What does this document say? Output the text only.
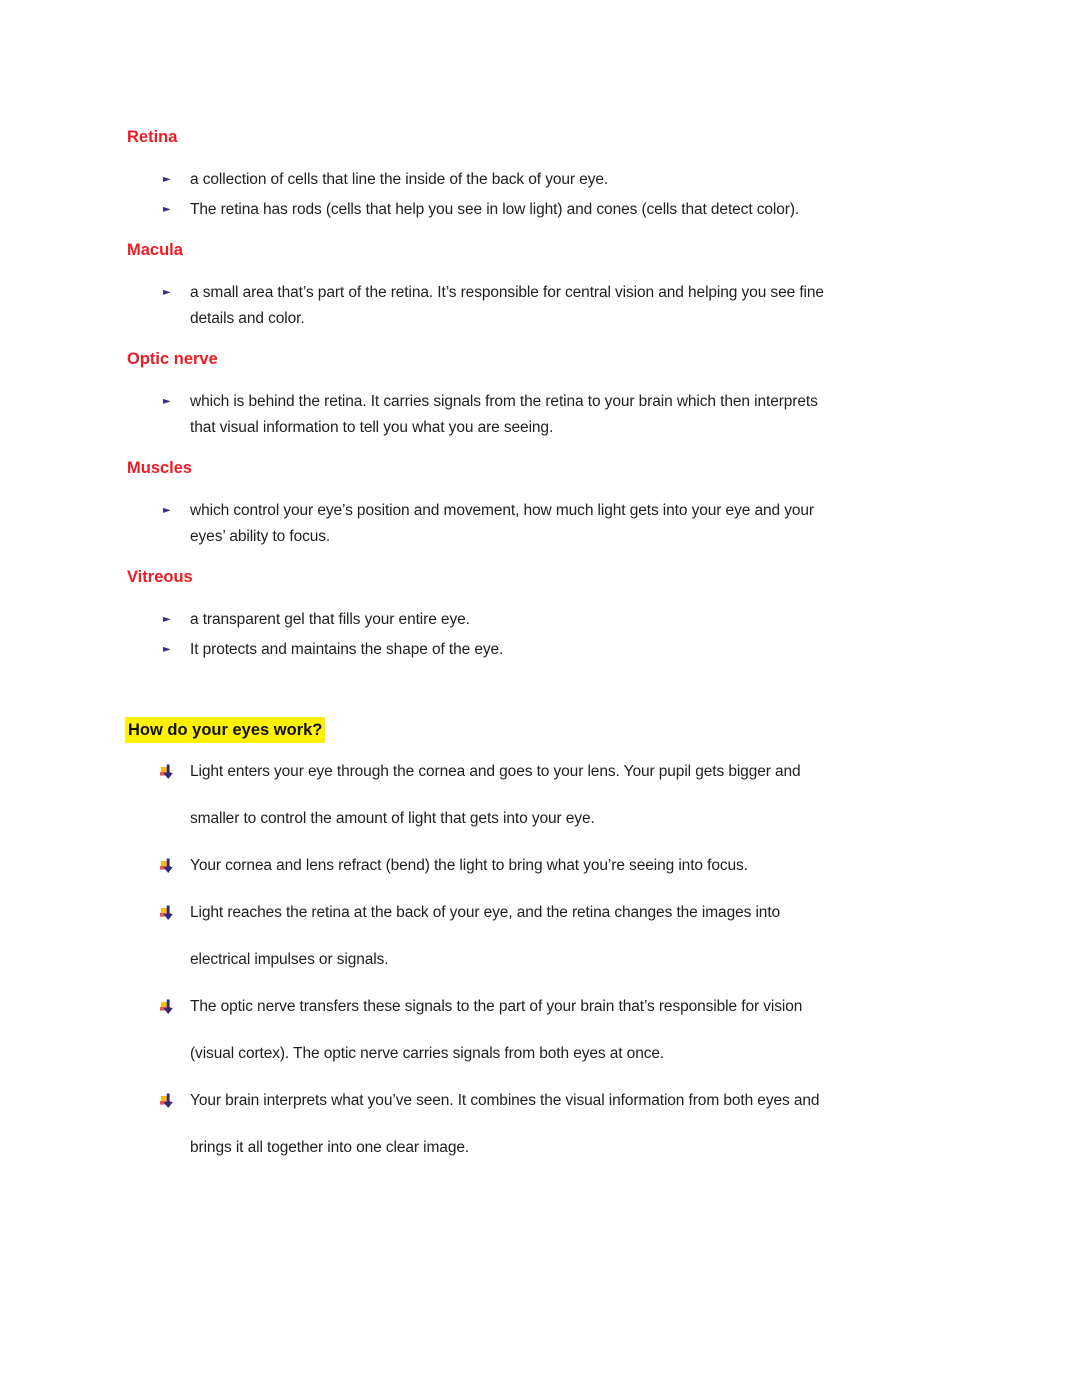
Retina
►	a collection of cells that line the inside of the back of your eye.
►	The retina has rods (cells that help you see in low light) and cones (cells that detect color).
Macula
►	a small area that’s part of the retina. It’s responsible for central vision and helping you see fine
details and color.
Optic nerve
►	which is behind the retina. It carries signals from the retina to your brain which then interprets
that visual information to tell you what you are seeing.
Muscles
►	which control your eye’s position and movement, how much light gets into your eye and your
eyes’ ability to focus.
Vitreous
►	a transparent gel that fills your entire eye.
►	It protects and maintains the shape of the eye.
How do your eyes work?
Light enters your eye through the cornea and goes to your lens. Your pupil gets bigger and
smaller to control the amount of light that gets into your eye.
Your cornea and lens refract (bend) the light to bring what you’re seeing into focus.
Light reaches the retina at the back of your eye, and the retina changes the images into
electrical impulses or signals.
The optic nerve transfers these signals to the part of your brain that’s responsible for vision
(visual cortex). The optic nerve carries signals from both eyes at once.
Your brain interprets what you’ve seen. It combines the visual information from both eyes and
brings it all together into one clear image.
